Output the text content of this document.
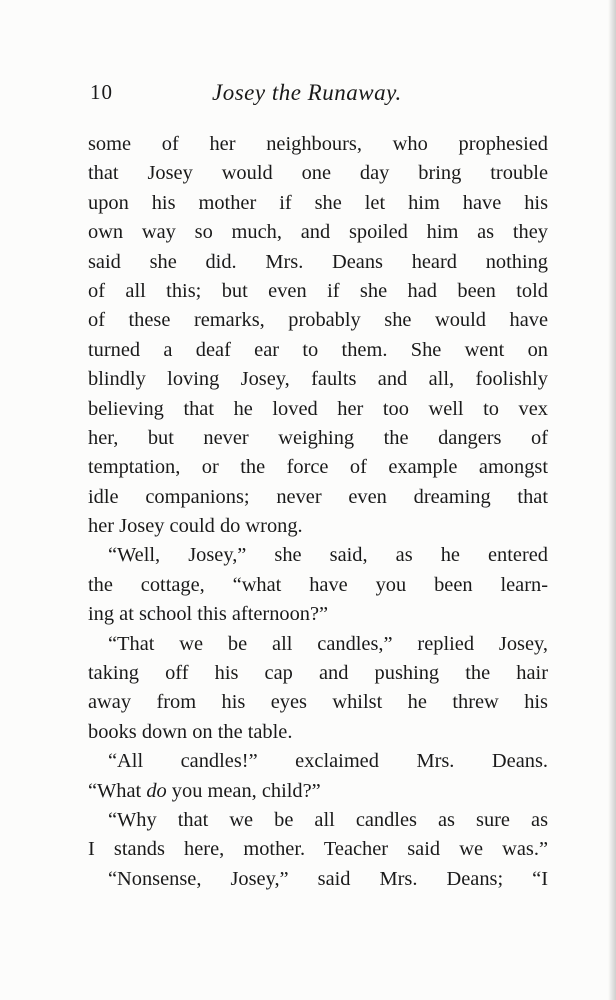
10	Josey the Runaway.
some of her neighbours, who prophesied
that Josey would one day bring trouble
upon his mother if she let him have his
own way so much, and spoiled him as they
said she did. Mrs. Deans heard nothing
of all this; but even if she had been told
of these remarks, probably she would have
turned a deaf ear to them. She went on
blindly loving Josey, faults and all, foolishly
believing that he loved her too well to vex
her, but never weighing the dangers of
temptation, or the force of example amongst
idle companions; never even dreaming that
her Josey could do wrong.
“Well, Josey,” she said, as he entered
the cottage, “what have you been learn-
ing at school this afternoon?”
“That we be all candles,” replied Josey,
taking off his cap and pushing the hair
away from his eyes whilst he threw his
books down on the table.
“All candles!” exclaimed Mrs. Deans.
“What do you mean, child?”
“Why that we be all candles as sure as
I stands here, mother. Teacher said we was.”
“Nonsense, Josey,” said Mrs. Deans; “I
